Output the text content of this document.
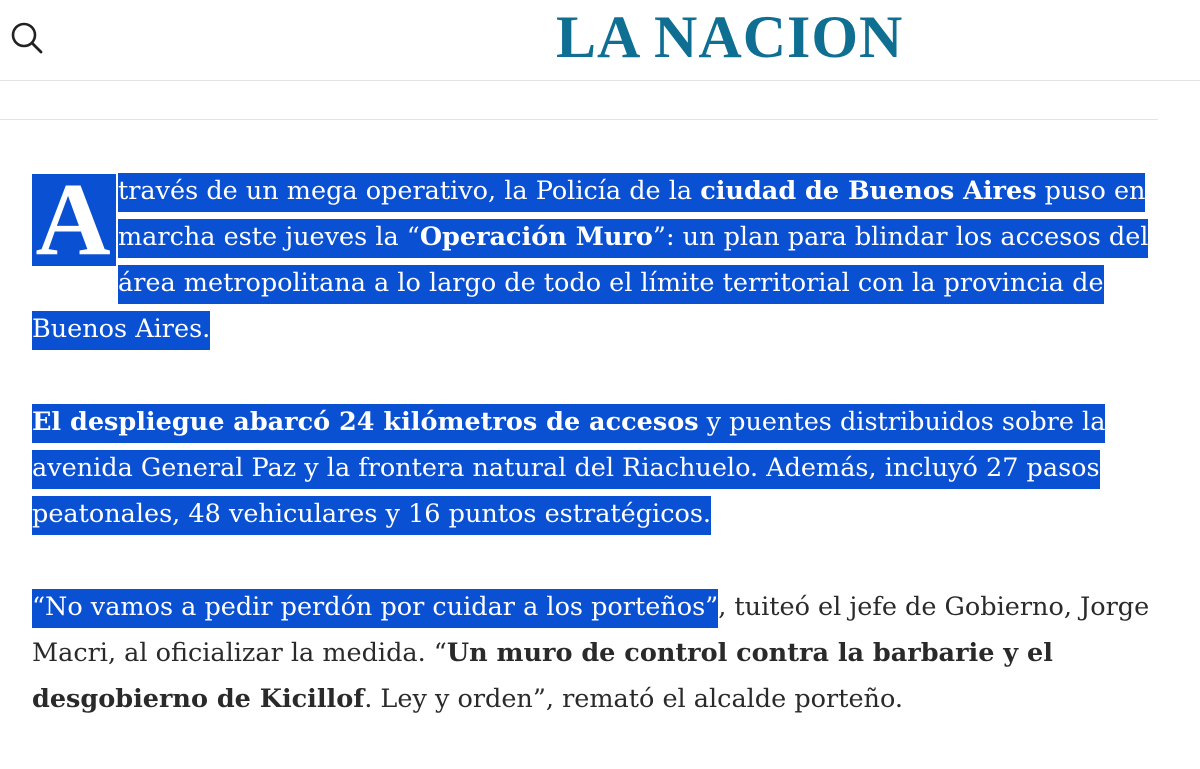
LA NACION

Através de un mega operativo, la Policía de la ciudad de Buenos Aires puso en marcha este jueves la “Operación Muro”: un plan para blindar los accesos del área metropolitana a lo largo de todo el límite territorial con la provincia de Buenos Aires.

El despliegue abarcó 24 kilómetros de accesos y puentes distribuidos sobre la avenida General Paz y la frontera natural del Riachuelo. Además, incluyó 27 pasos peatonales, 48 vehiculares y 16 puntos estratégicos.

“No vamos a pedir perdón por cuidar a los porteños”, tuiteó el jefe de Gobierno, Jorge Macri, al oficializar la medida. “Un muro de control contra la barbarie y el desgobierno de Kicillof. Ley y orden”, remató el alcalde porteño.
